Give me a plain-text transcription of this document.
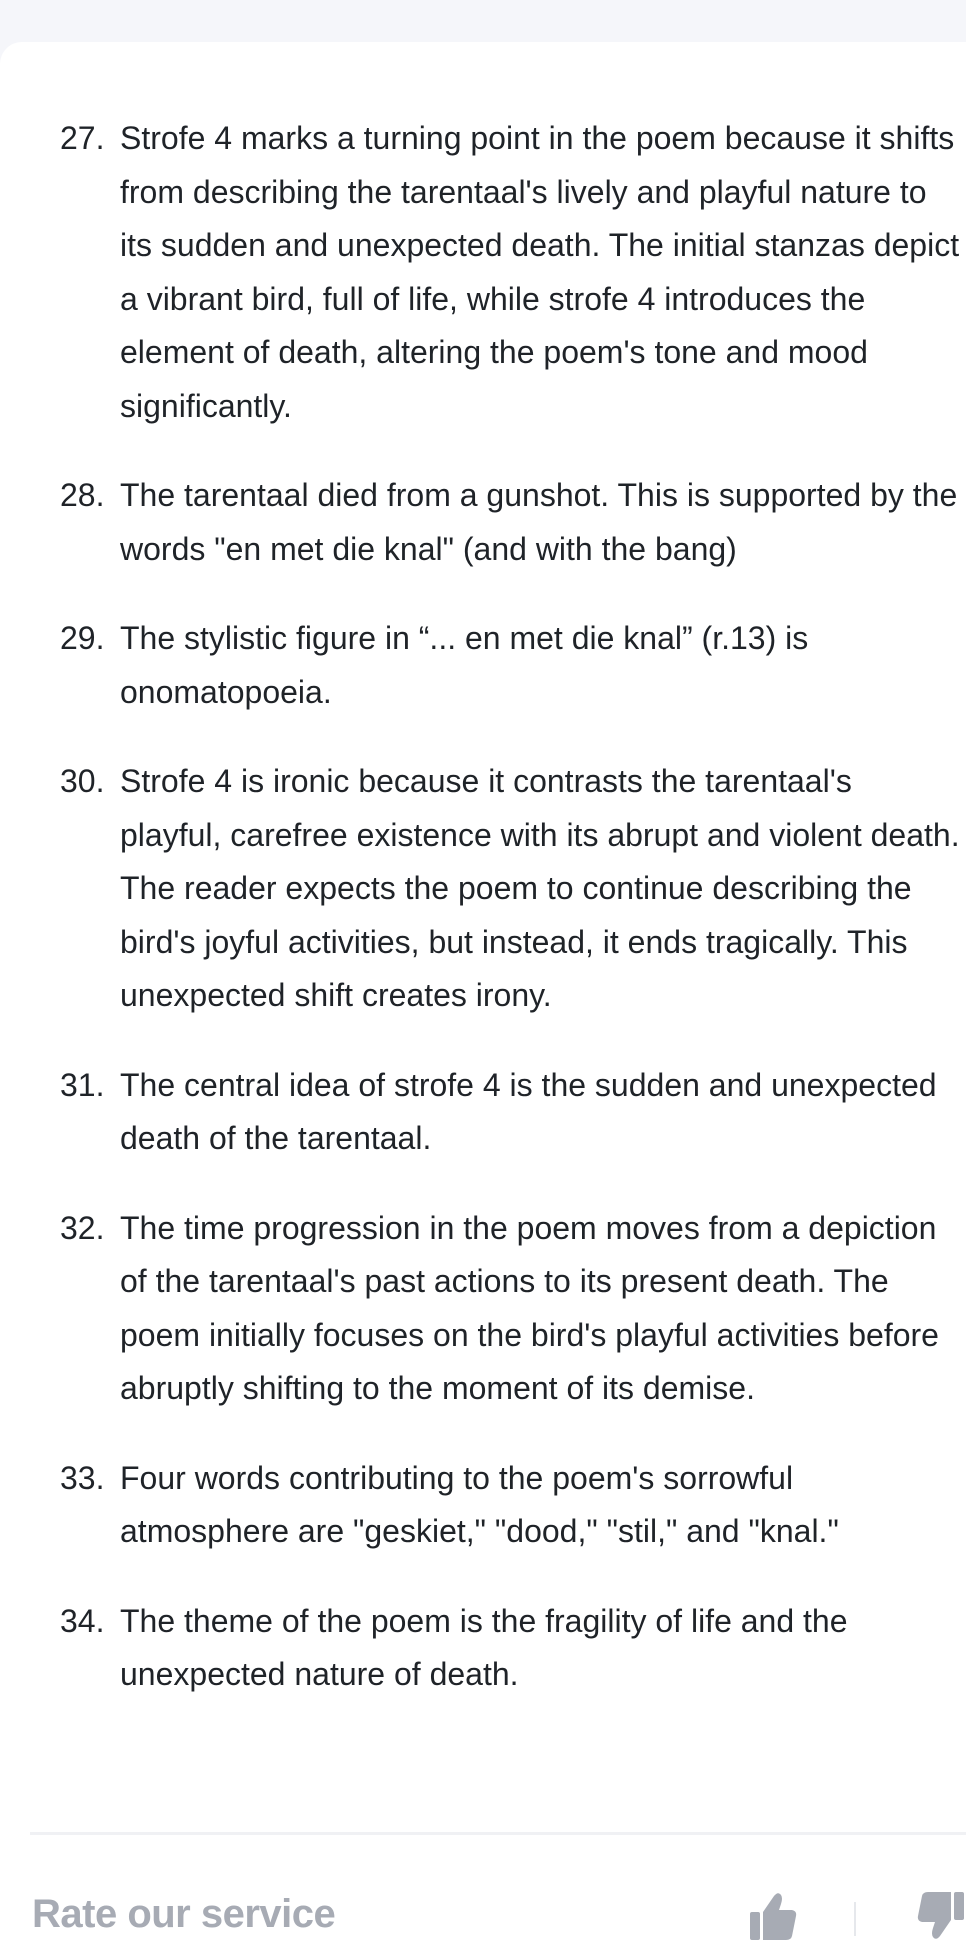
27. Strofe 4 marks a turning point in the poem because it shifts from describing the tarentaal's lively and playful nature to its sudden and unexpected death. The initial stanzas depict a vibrant bird, full of life, while strofe 4 introduces the element of death, altering the poem's tone and mood significantly.
28. The tarentaal died from a gunshot. This is supported by the words "en met die knal" (and with the bang)
29. The stylistic figure in “... en met die knal” (r.13) is onomatopoeia.
30. Strofe 4 is ironic because it contrasts the tarentaal's playful, carefree existence with its abrupt and violent death. The reader expects the poem to continue describing the bird's joyful activities, but instead, it ends tragically. This unexpected shift creates irony.
31. The central idea of strofe 4 is the sudden and unexpected death of the tarentaal.
32. The time progression in the poem moves from a depiction of the tarentaal's past actions to its present death. The poem initially focuses on the bird's playful activities before abruptly shifting to the moment of its demise.
33. Four words contributing to the poem's sorrowful atmosphere are "geskiet," "dood," "stil," and "knal."
34. The theme of the poem is the fragility of life and the unexpected nature of death.
Rate our service
